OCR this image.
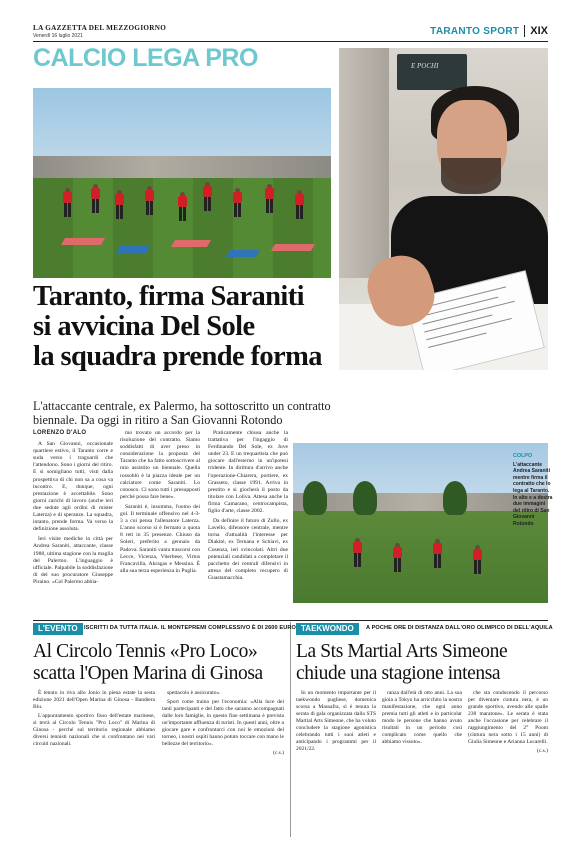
LA GAZZETTA DEL MEZZOGIORNO
Venerdì 16 luglio 2021	TARANTO SPORT XIX
CALCIO LEGA PRO	E POCHI
Taranto, firma Saraniti
si avvicina Del Sole
la squadra prende forma
L'attaccante centrale, ex Palermo, ha sottoscritto un contratto biennale. Da oggi in ritiro a San Giovanni Rotondo
LORENZO D'ALO

A San Giovanni, occasionale quartiere estivo, il Taranto corre e suda verso i traguardi che l'attendono. Sono i giorni del ritiro. E si somigliano tutti, visti dalla prospettiva di chi non sa a cosa va incontro. E, dunque, ogni prestazione è accettabile. Sono giorni carichi di lavoro (anche ieri due sedute agli ordini di mister Laterza) e di speranze. La squadra, intanto, prende forma. Va verso la definizione assoluta.

Ieri visite mediche in città per Andrea Saraniti, attaccante, classe 1988, ultima stagione con la maglia del Palermo. L'inguaggio è ufficiale. Palpabile la soddisfazione di del suo procuratore Giuseppe Piraino. «Col Palermo abbia-

mo trovato un accordo per la risoluzione del contratto. Siamo soddisfatti di aver preso in considerazione la proposta del Taranto che ha fatto sottoscrivere al mio assistito un biennale. Quella rossoblù è la piazza ideale per un calciatore come Saraniti. Lo conosco. Ci sono tutti i presupposti perché possa fare bene».

Saraniti è, insomma, l'uomo dei gol. Il terminale offensivo nel 4-3-3 a cui pensa l'allenatore Laterza. L'anno scorso si è fermato a quota 8 reti in 35 presenze. Chiuso da Soleri, preferito a gennaio da Padova. Saraniti vanta trascorsi con Lecce, Vicenza, Viterbese, Virtus Francavilla, Akragas e Messina. È alla sua terza esperienza in Puglia.

Praticamente chiusa anche la trattativa per l'ingaggio di Ferdinando Del Sole, ex Juve under 23. E un trequartista che può giocare dall'esterno in un'ipotesi tridente. In dirittura d'arrivo anche l'operazione-Chiarera, portiere, ex Grasseto, classe 1991. Arriva in prestito e si giocherà il posto da titolare con Loliva. Attesa anche la firma Camarano, centrocampista, figlio d'arte, classe 2002.

Da definire il futuro di Zullo, ex Lavello, difensore centrale, mentre torna d'attualità l'interesse per Diakité, ex Ternana e Schiavi, ex Cosenza, ieri svincolati. Altri due potenziali candidati a completare il pacchetto dei centrali difensivi in attesa del completo recupero di Guastamacchia.

COLPO
L'attaccante Andrea Saraniti mentre firma il contratto che lo lega al Taranto. In alto e a destra due immagini del ritiro di San Giovanni Rotondo
L'EVENTO	ISCRITTI DA TUTTA ITALIA. IL MONTEPREMI COMPLESSIVO È DI 2600 EURO
Al Circolo Tennis «Pro Loco»
scatta l'Open Marina di Ginosa

È tenuto in riva allo Jonio in piena estate la sesta edizione 2021 dell'Open Marina di Ginosa - Bandiera Blu.

L'appuntamento sportivo fisso dell'estate marinese, si terrà al Circolo Tennis "Pro Loco" di Marina di Ginosa - perché sul territorio regionale abbiamo diversi tennisti nazionali che si confrontano nei vari circuiti nazionali.

spettacolo è assicurato».

Sport come traino per l'economia: «Alla luce dei tanti partecipanti e del fatto che saranno accompagnati dalle loro famiglie, in questo fine settimana è prevista un'importante affluenza di turisti. In questi anni, oltre a giocare gare e confrontarci con noi le emozioni del torneo, i nostri ospiti hanno potuto toccare con mano le bellezze del territorio».

(c.s.)

TAEKWONDO	A POCHE ORE DI DISTANZA DALL'ORO OLIMPICO DI DELL'AQUILA
La Sts Martial Arts Simeone
chiude una stagione intensa

In un momento importante per il taekwondo pugliese, domenica scorsa a Massafra, si è tenuta la serata di gala organizzata dalla STS Martial Arts Simeone, che ha voluto concludere la stagione agonistica celebrando tutti i suoi atleti e anticipando i programmi per il 2021/22.

ranza dall'età di otto anni. La sua gioia a Tokyo ha arricchito la nostra manifestazione, che ogni anno premia tutti gli atleti e in particolar modo le persone che hanno avuto risultati in un periodo così complicato come quello che abbiamo vissuto».

che sta conducendo il percorso per diventare cintura nera, è un grande sportivo, avendo alle spalle 238 maratone». Le serata è stata anche l'occasione per celebrare il raggiungimento del 2° Poom (cintura nera sotto i 15 anni) di Giulia Simeone e Arianna Lucarelli.

(c.s.)
